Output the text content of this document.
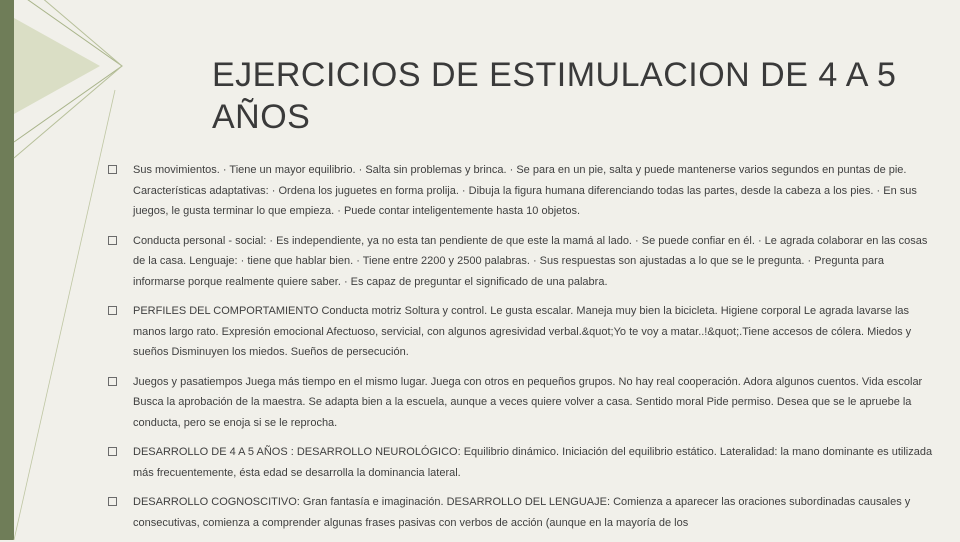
EJERCICIOS DE ESTIMULACION DE 4 A 5 AÑOS
Sus movimientos. · Tiene un mayor equilibrio. · Salta sin problemas y brinca. · Se para en un pie, salta y puede mantenerse varios segundos en puntas de pie. Características adaptativas: · Ordena los juguetes en forma prolija. · Dibuja la figura humana diferenciando todas las partes, desde la cabeza a los pies. · En sus juegos, le gusta terminar lo que empieza. · Puede contar inteligentemente hasta 10 objetos.
Conducta personal - social: · Es independiente, ya no esta tan pendiente de que este la mamá al lado. · Se puede confiar en él. · Le agrada colaborar en las cosas de la casa. Lenguaje: · tiene que hablar bien. · Tiene entre 2200 y 2500 palabras. · Sus respuestas son ajustadas a lo que se le pregunta. · Pregunta para informarse porque realmente quiere saber. · Es capaz de preguntar el significado de una palabra.
PERFILES DEL COMPORTAMIENTO Conducta motriz Soltura y control. Le gusta escalar. Maneja muy bien la bicicleta. Higiene corporal Le agrada lavarse las manos largo rato. Expresión emocional Afectuoso, servicial, con algunos agresividad verbal.&quot;Yo te voy a matar..!&quot;.Tiene accesos de cólera. Miedos y sueños Disminuyen los miedos. Sueños de persecución.
Juegos y pasatiempos Juega más tiempo en el mismo lugar. Juega con otros en pequeños grupos. No hay real cooperación. Adora algunos cuentos. Vida escolar Busca la aprobación de la maestra. Se adapta bien a la escuela, aunque a veces quiere volver a casa. Sentido moral Pide permiso. Desea que se le apruebe la conducta, pero se enoja si se le reprocha.
DESARROLLO DE 4 A 5 AÑOS : DESARROLLO NEUROLÓGICO: Equilibrio dinámico. Iniciación del equilibrio estático. Lateralidad: la mano dominante es utilizada más frecuentemente, ésta edad se desarrolla la dominancia lateral.
DESARROLLO COGNOSCITIVO: Gran fantasía e imaginación. DESARROLLO DEL LENGUAJE: Comienza a aparecer las oraciones subordinadas causales y consecutivas, comienza a comprender algunas frases pasivas con verbos de acción (aunque en la mayoría de los
